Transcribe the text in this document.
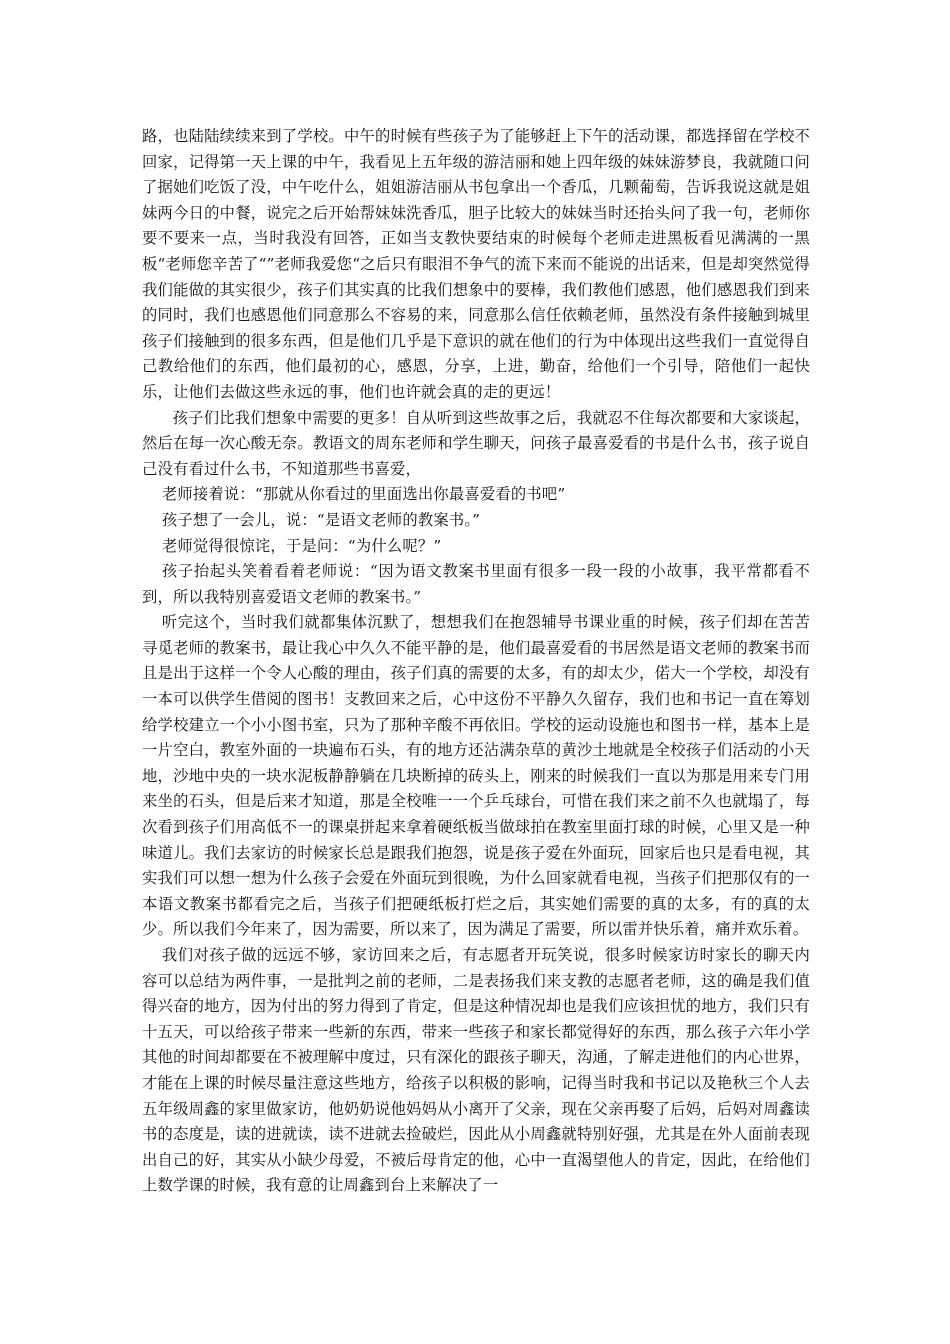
路，也陆陆续续来到了学校。中午的时候有些孩子为了能够赶上下午的活动课，都选择留在学校不回家，记得第一天上课的中午，我看见上五年级的游洁丽和她上四年级的妹妹游梦良，我就随口问了据她们吃饭了没，中午吃什么，姐姐游洁丽从书包拿出一个香瓜，几颗葡萄，告诉我说这就是姐妹两今日的中餐，说完之后开始帮妹妹洗香瓜，胆子比较大的妹妹当时还抬头问了我一句，老师你要不要来一点，当时我没有回答，正如当支教快要结束的时候每个老师走进黑板看见满满的一黑板“老师您辛苦了“”老师我爱您“之后只有眼泪不争气的流下来而不能说的出话来，但是却突然觉得我们能做的其实很少，孩子们其实真的比我们想象中的要棒，我们教他们感恩，他们感恩我们到来的同时，我们也感恩他们同意那么不容易的来，同意那么信任依赖老师，虽然没有条件接触到城里孩子们接触到的很多东西，但是他们几乎是下意识的就在他们的行为中体现出这些我们一直觉得自己教给他们的东西，他们最初的心，感恩，分享，上进，勤奋，给他们一个引导，陪他们一起快乐，让他们去做这些永远的事，他们也许就会真的走的更远！

孩子们比我们想象中需要的更多！自从听到这些故事之后，我就忍不住每次都要和大家谈起，然后在每一次心酸无奈。教语文的周东老师和学生聊天，问孩子最喜爱看的书是什么书，孩子说自己没有看过什么书，不知道那些书喜爱，

老师接着说：“那就从你看过的里面选出你最喜爱看的书吧”

孩子想了一会儿，说：“是语文老师的教案书。”

老师觉得很惊诧，于是问：“为什么呢？”

孩子抬起头笑着看着老师说：“因为语文教案书里面有很多一段一段的小故事，我平常都看不到，所以我特别喜爱语文老师的教案书。”

听完这个，当时我们就都集体沉默了，想想我们在抱怨辅导书课业重的时候，孩子们却在苦苦寻觅老师的教案书，最让我心中久久不能平静的是，他们最喜爱看的书居然是语文老师的教案书而且是出于这样一个令人心酸的理由，孩子们真的需要的太多，有的却太少，偌大一个学校，却没有一本可以供学生借阅的图书！支教回来之后，心中这份不平静久久留存，我们也和书记一直在筹划给学校建立一个小小图书室，只为了那种辛酸不再依旧。学校的运动设施也和图书一样，基本上是一片空白，教室外面的一块遍布石头，有的地方还沾满杂草的黄沙土地就是全校孩子们活动的小天地，沙地中央的一块水泥板静静躺在几块断掉的砖头上，刚来的时候我们一直以为那是用来专门用来坐的石头，但是后来才知道，那是全校唯一一个乒乓球台，可惜在我们来之前不久也就塌了，每次看到孩子们用高低不一的课桌拼起来拿着硬纸板当做球拍在教室里面打球的时候，心里又是一种味道儿。我们去家访的时候家长总是跟我们抱怨，说是孩子爱在外面玩，回家后也只是看电视，其实我们可以想一想为什么孩子会爱在外面玩到很晚，为什么回家就看电视，当孩子们把那仅有的一本语文教案书都看完之后，当孩子们把硬纸板打烂之后，其实她们需要的真的太多，有的真的太少。所以我们今年来了，因为需要，所以来了，因为满足了需要，所以雷并快乐着，痛并欢乐着。

我们对孩子做的远远不够，家访回来之后，有志愿者开玩笑说，很多时候家访时家长的聊天内容可以总结为两件事，一是批判之前的老师，二是表扬我们来支教的志愿者老师，这的确是我们值得兴奋的地方，因为付出的努力得到了肯定，但是这种情况却也是我们应该担忧的地方，我们只有十五天，可以给孩子带来一些新的东西，带来一些孩子和家长都觉得好的东西，那么孩子六年小学其他的时间却都要在不被理解中度过，只有深化的跟孩子聊天，沟通，了解走进他们的内心世界，才能在上课的时候尽量注意这些地方，给孩子以积极的影响，记得当时我和书记以及艳秋三个人去五年级周鑫的家里做家访，他奶奶说他妈妈从小离开了父亲，现在父亲再娶了后妈，后妈对周鑫读书的态度是，读的进就读，读不进就去捡破烂，因此从小周鑫就特别好强，尤其是在外人面前表现出自己的好，其实从小缺少母爱，不被后母肯定的他，心中一直渴望他人的肯定，因此，在给他们上数学课的时候，我有意的让周鑫到台上来解决了一
